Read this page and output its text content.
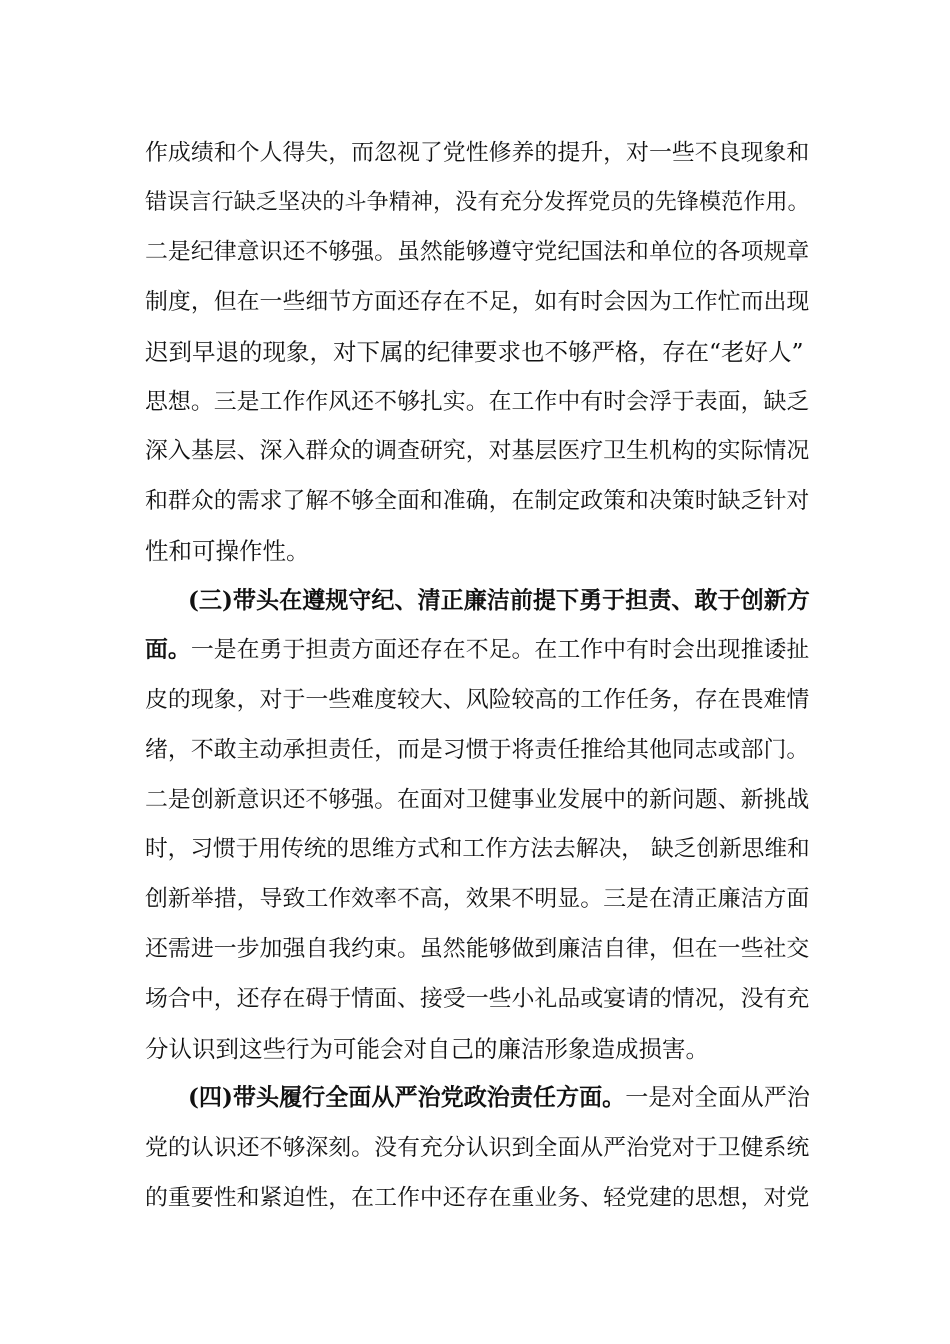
作成绩和个人得失，而忽视了党性修养的提升，对一些不良现象和
错误言行缺乏坚决的斗争精神，没有充分发挥党员的先锋模范作用。
二是纪律意识还不够强。虽然能够遵守党纪国法和单位的各项规章
制度，但在一些细节方面还存在不足，如有时会因为工作忙而出现
迟到早退的现象，对下属的纪律要求也不够严格，存在“老好人”
思想。三是工作作风还不够扎实。在工作中有时会浮于表面，缺乏
深入基层、深入群众的调查研究，对基层医疗卫生机构的实际情况
和群众的需求了解不够全面和准确，在制定政策和决策时缺乏针对
性和可操作性。
(三)带头在遵规守纪、清正廉洁前提下勇于担责、敢于创新方
面。一是在勇于担责方面还存在不足。在工作中有时会出现推诿扯
皮的现象，对于一些难度较大、风险较高的工作任务，存在畏难情
绪，不敢主动承担责任，而是习惯于将责任推给其他同志或部门。
二是创新意识还不够强。在面对卫健事业发展中的新问题、新挑战
时，习惯于用传统的思维方式和工作方法去解决， 缺乏创新思维和
创新举措，导致工作效率不高，效果不明显。三是在清正廉洁方面
还需进一步加强自我约束。虽然能够做到廉洁自律，但在一些社交
场合中，还存在碍于情面、接受一些小礼品或宴请的情况，没有充
分认识到这些行为可能会对自己的廉洁形象造成损害。
(四)带头履行全面从严治党政治责任方面。一是对全面从严治
党的认识还不够深刻。没有充分认识到全面从严治党对于卫健系统
的重要性和紧迫性，在工作中还存在重业务、轻党建的思想，对党
